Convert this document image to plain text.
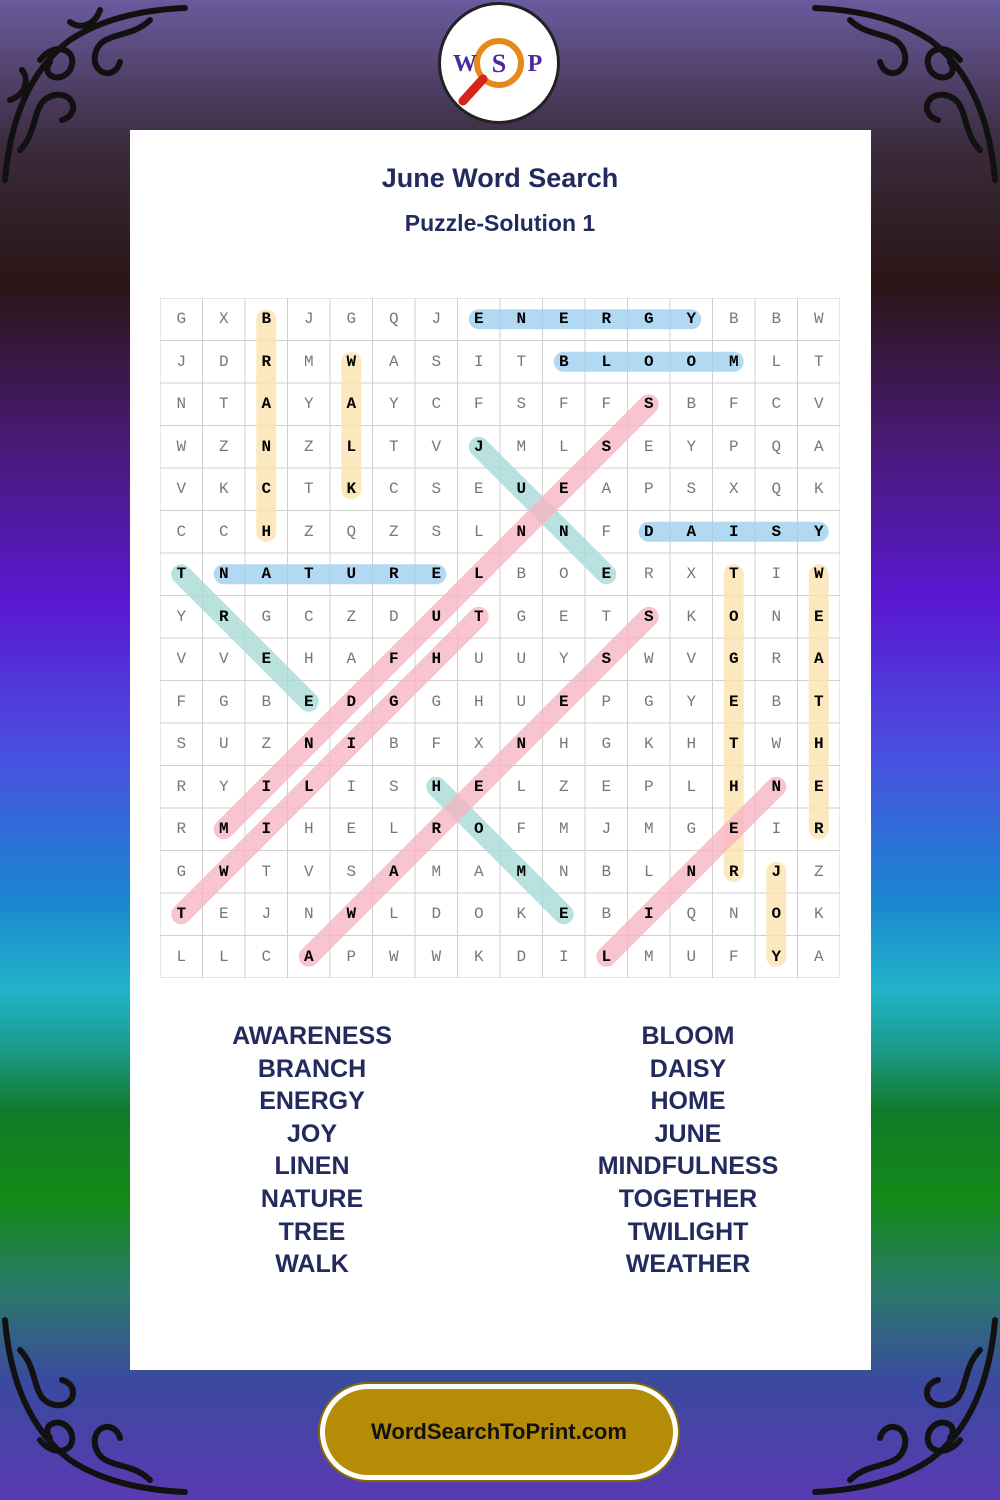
W S P
June Word Search
Puzzle-Solution 1
G	X	B	J	G	Q	J	E	N	E	R	G	Y	B	B	W
J	D	R	M	W	A	S	I	T	B	L	O	O	M	L	T
N	T	A	Y	A	Y	C	F	S	F	F	S	B	F	C	V
W	Z	N	Z	L	T	V	J	M	L	S	E	Y	P	Q	A
V	K	C	T	K	C	S	E	U	E	A	P	S	X	Q	K
C	C	H	Z	Q	Z	S	L	N	N	F	D	A	I	S	Y
T	N	A	T	U	R	E	L	B	O	E	R	X	T	I	W
Y	R	G	C	Z	D	U	T	G	E	T	S	K	O	N	E
V	V	E	H	A	F	H	U	U	Y	S	W	V	G	R	A
F	G	B	E	D	G	G	H	U	E	P	G	Y	E	B	T
S	U	Z	N	I	B	F	X	N	H	G	K	H	T	W	H
R	Y	I	L	I	S	H	E	L	Z	E	P	L	H	N	E
R	M	I	H	E	L	R	O	F	M	J	M	G	E	I	R
G	W	T	V	S	A	M	A	M	N	B	L	N	R	J	Z
T	E	J	N	W	L	D	O	K	E	B	I	Q	N	O	K
L	L	C	A	P	W	W	K	D	I	L	M	U	F	Y	A
AWARENESS
BRANCH
ENERGY
JOY
LINEN
NATURE
TREE
WALK
BLOOM
DAISY
HOME
JUNE
MINDFULNESS
TOGETHER
TWILIGHT
WEATHER
WordSearchToPrint.com
